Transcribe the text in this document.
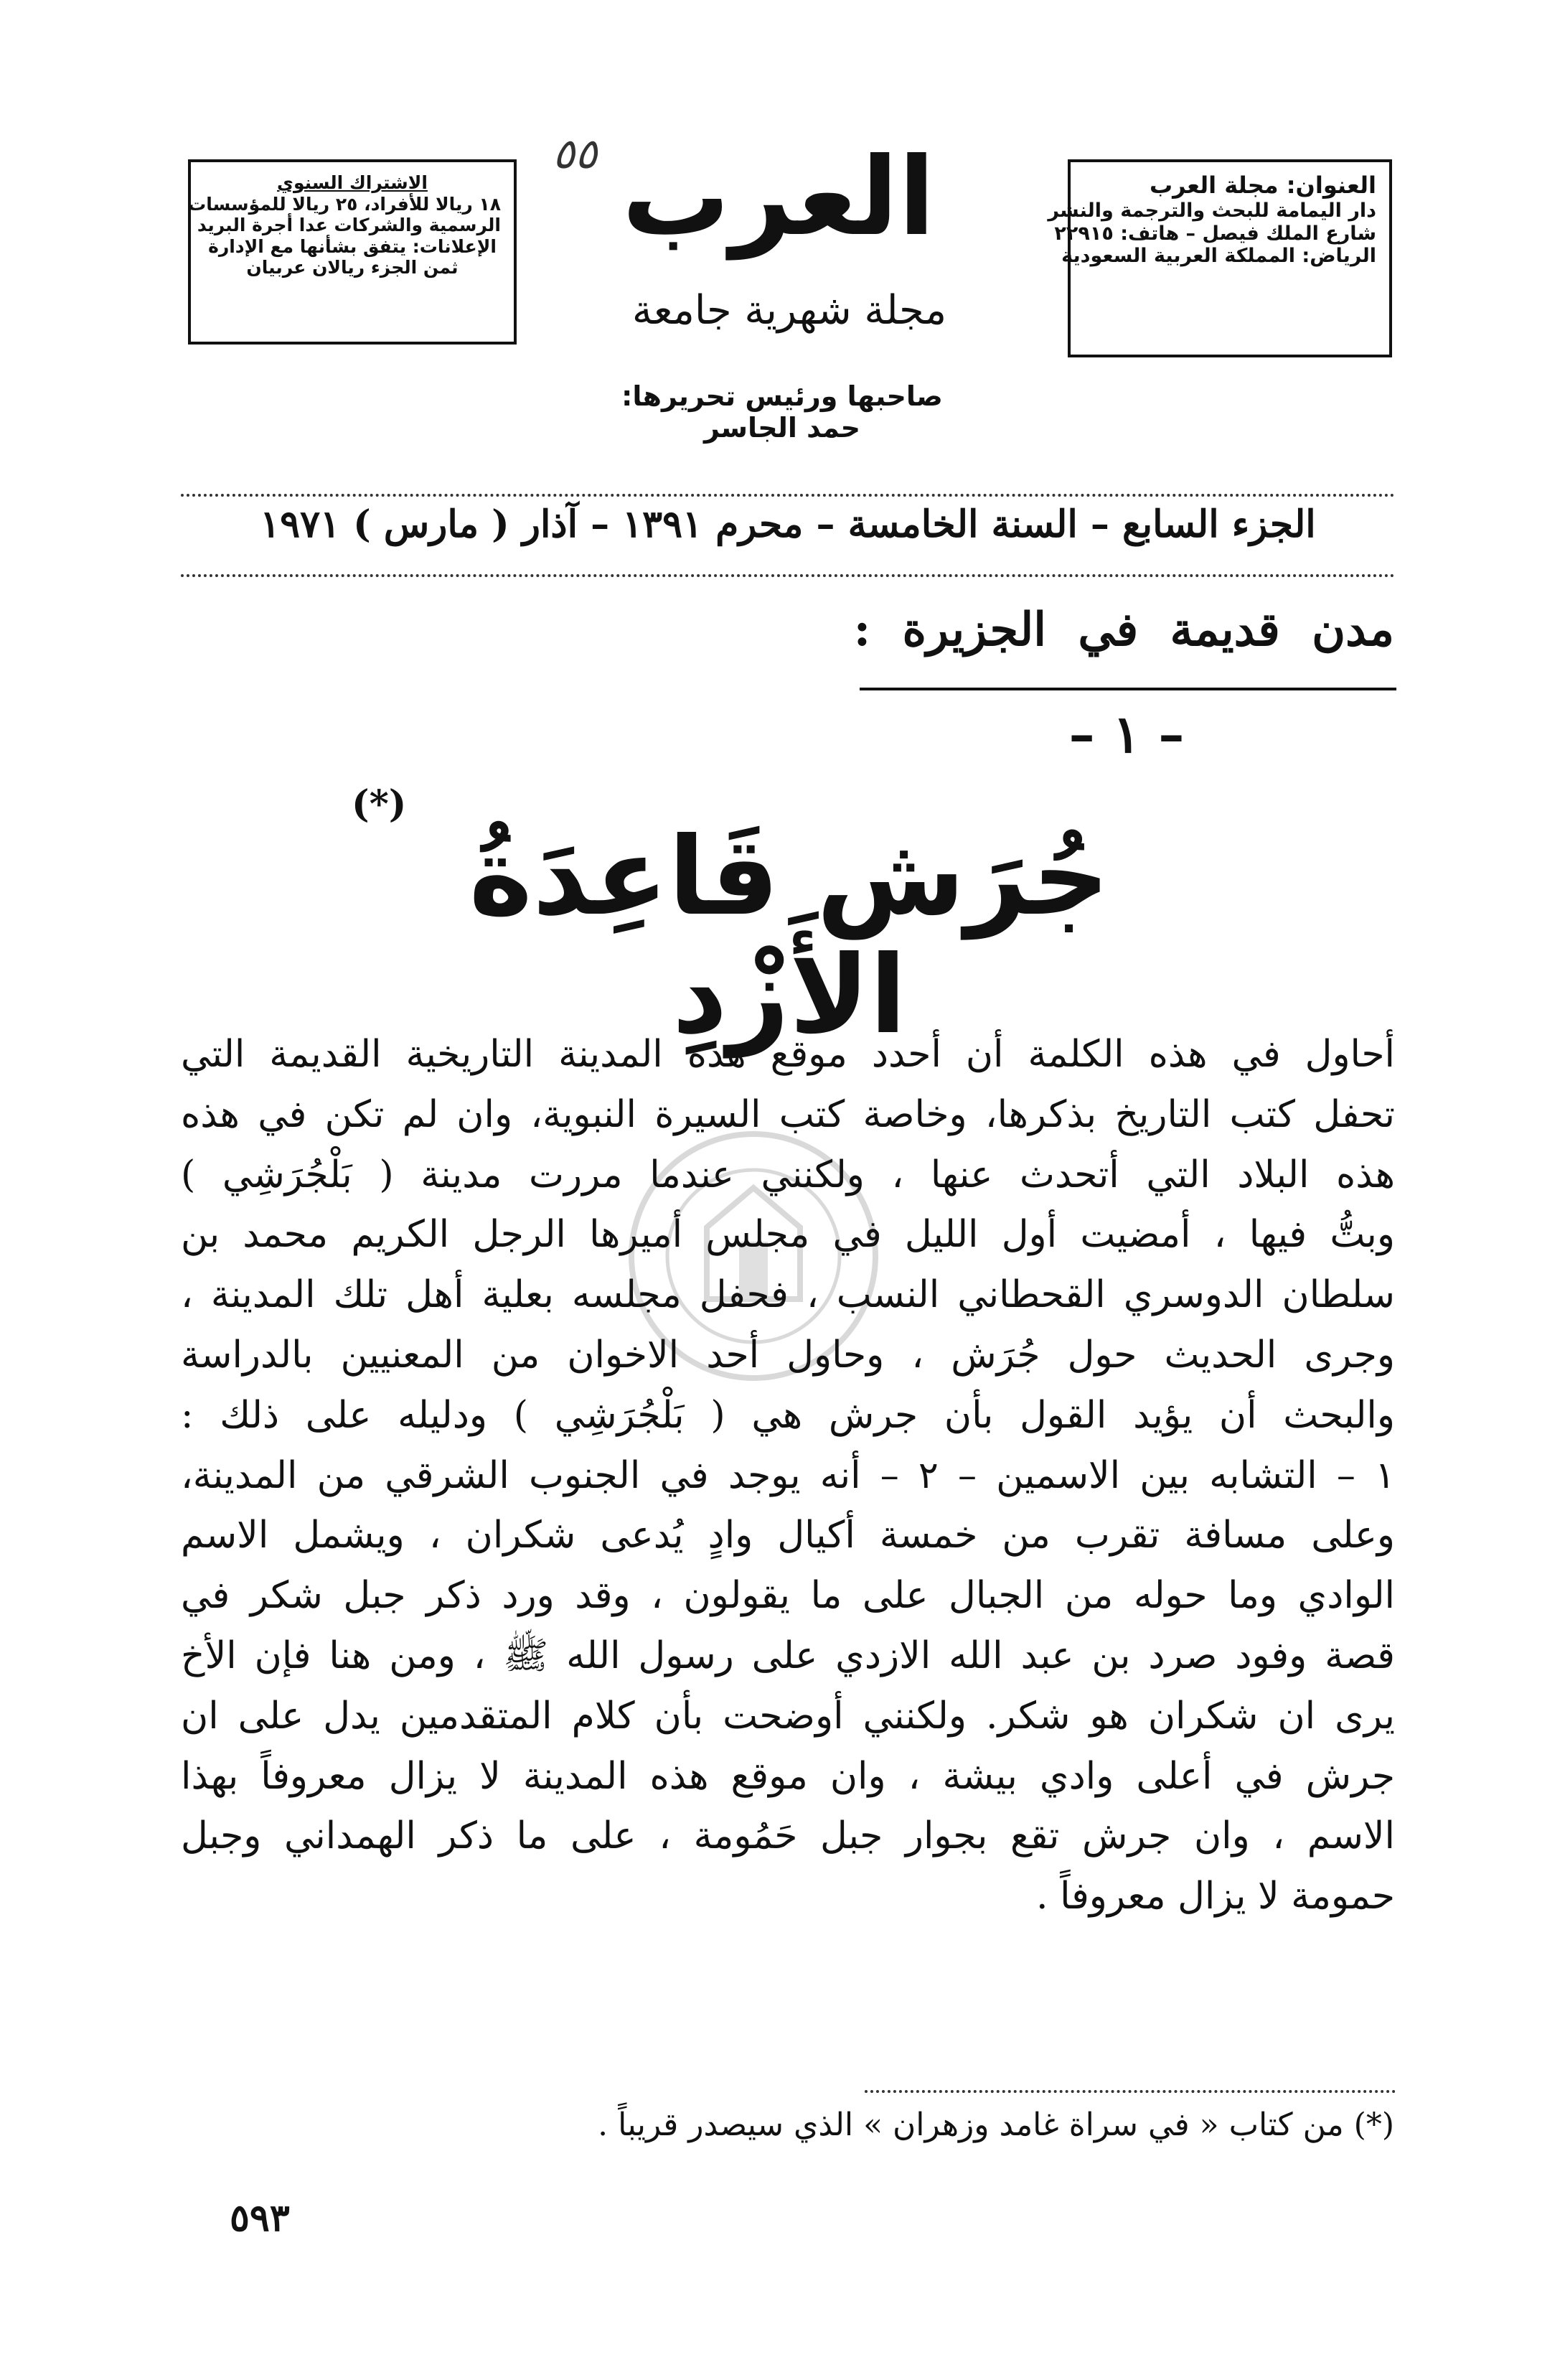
الاشتراك السنوي
١٨ ريالا للأفراد، ٢٥ ريالا للمؤسسات
الرسمية والشركات عدا أجرة البريد
الإعلانات: يتفق بشأنها مع الإدارة
ثمن الجزء ريالان عربيان
العنوان: مجلة العرب
دار اليمامة للبحث والترجمة والنشر
شارع الملك فيصل – هاتف: ٢٢٩١٥
الرياض: المملكة العربية السعودية
٥٥ العرب
مجلة شهرية جامعة
صاحبها ورئيس تحريرها: حمد الجاسر
الجزء السابع – السنة الخامسة – محرم ١٣٩١ – آذار ( مارس ) ١٩٧١
مدن قديمة في الجزيرة :
– ١ –
(*)
جُرَش قَاعِدَةُ الأَزْدِ
أحاول في هذه الكلمة أن أحدد موقع هذه المدينة التاريخية القديمة التي
تحفل كتب التاريخ بذكرها، وخاصة كتب السيرة النبوية، وان لم تكن في هذه
هذه البلاد التي أتحدث عنها ، ولكنني عندما مررت مدينة ( بَلْجُرَشِي )
وبتُّ فيها ، أمضيت أول الليل في مجلس أميرها الرجل الكريم محمد بن
سلطان الدوسري القحطاني النسب ، فحفل مجلسه بعلية أهل تلك المدينة ،
وجرى الحديث حول جُرَش ، وحاول أحد الاخوان من المعنيين بالدراسة
والبحث أن يؤيد القول بأن جرش هي ( بَلْجُرَشِي ) ودليله على ذلك :
١ – التشابه بين الاسمين – ٢ – أنه يوجد في الجنوب الشرقي من المدينة،
وعلى مسافة تقرب من خمسة أكيال وادٍ يُدعى شكران ، ويشمل الاسم
الوادي وما حوله من الجبال على ما يقولون ، وقد ورد ذكر جبل شكر في
قصة وفود صرد بن عبد الله الازدي على رسول الله ﷺ ، ومن هنا فإن الأخ
يرى ان شكران هو شكر. ولكنني أوضحت بأن كلام المتقدمين يدل على ان
جرش في أعلى وادي بيشة ، وان موقع هذه المدينة لا يزال معروفاً بهذا
الاسم ، وان جرش تقع بجوار جبل حَمُومة ، على ما ذكر الهمداني وجبل
حمومة لا يزال معروفاً .
(*) من كتاب « في سراة غامد وزهران » الذي سيصدر قريباً .
٥٩٣
